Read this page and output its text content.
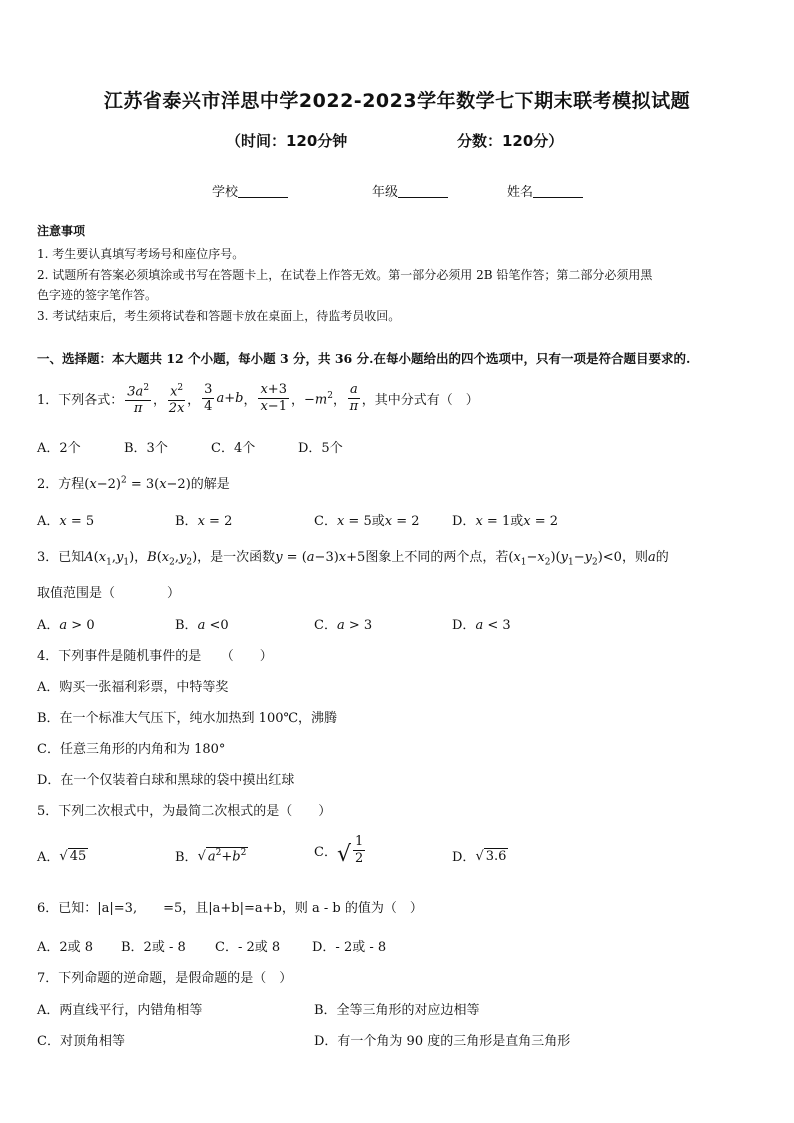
江苏省泰兴市洋思中学2022-2023学年数学七下期末联考模拟试题
（时间：120分钟	分数：120分）
学校	年级	姓名
注意事项
1. 考生要认真填写考场号和座位序号。
2. 试题所有答案必须填涂或书写在答题卡上，在试卷上作答无效。第一部分必须用 2B 铅笔作答；第二部分必须用黑
色字迹的签字笔作答。
3. 考试结束后，考生须将试卷和答题卡放在桌面上，待监考员收回。
一、选择题：本大题共 12 个小题，每小题 3 分，共 36 分.在每小题给出的四个选项中，只有一项是符合题目要求的.
1．下列各式： $\frac{3a^2}{\pi}$ ， $\frac{x^2}{2x}$ ， $\frac{3}{4}$ a + b ， $\frac{x+3}{x-1}$ ， $-m^2$ ， $\frac{a}{\pi}$ ，其中分式有（　）
A．2个	B．3个	C．4个	D．5个
2．方程$(x-2)^2 = 3(x-2)$的解是
A．x = 5	B．x = 2	C．x = 5或x = 2 D．x = 1或x = 2
3．已知$A(x_1,y_1)$，$B(x_2,y_2)$，是一次函数y = (a−3)x+5图象上不同的两个点，若$(x_1-x_2)(y_1-y_2)<0$，则a的
取值范围是（　　　　）
A．a > 0	B．a <0	C．a > 3	D．a < 3
4．下列事件是随机事件的是　　（　　）
A．购买一张福利彩票，中特等奖
B．在一个标准大气压下，纯水加热到 100℃，沸腾
C．任意三角形的内角和为 180°
D．在一个仅装着白球和黑球的袋中摸出红球
5．下列二次根式中，为最简二次根式的是（　　）
A． √ 45	B． √ $a^2+b^2$	C． √ $\frac{1}{2}$	D． √ 3.6
6．已知：|a|=3,　　=5，且|a+b|=a+b，则 a - b 的值为（　）
A．2或 8 B．2或 - 8 C．- 2或 8 D．- 2或 - 8
7．下列命题的逆命题，是假命题的是（　）
A．两直线平行，内错角相等	B．全等三角形的对应边相等
C．对顶角相等	D．有一个角为 90 度的三角形是直角三角形
